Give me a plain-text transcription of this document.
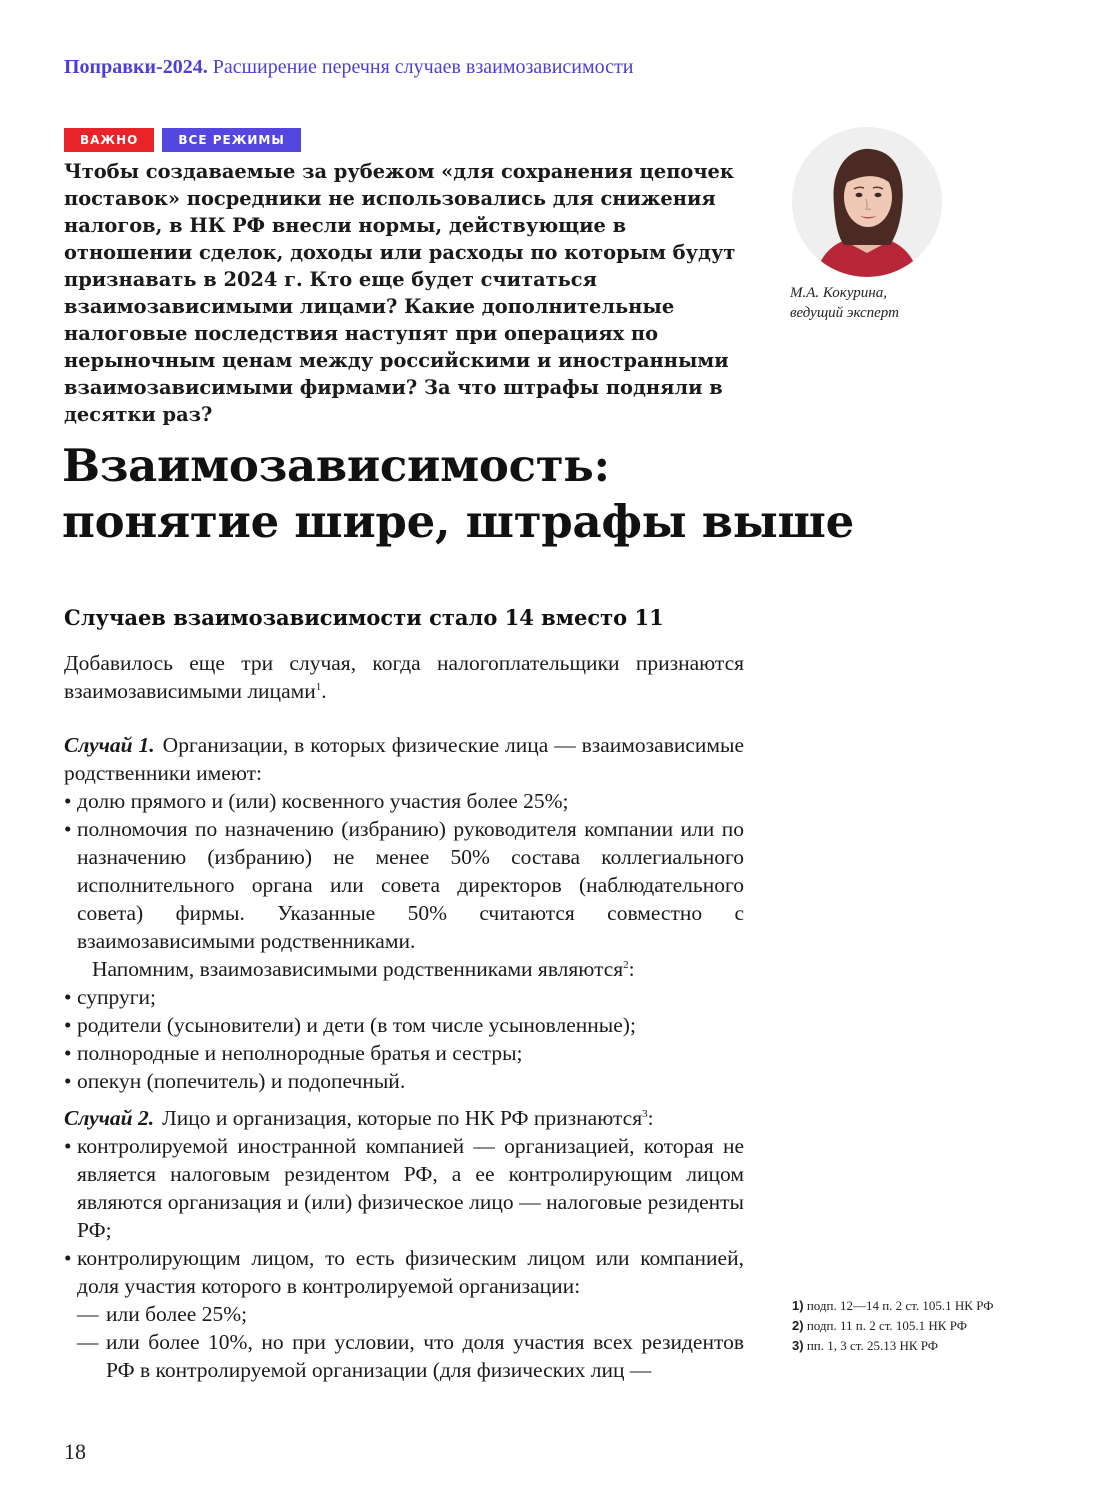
Поправки-2024. Расширение перечня случаев взаимозависимости
ВАЖНО	ВСЕ РЕЖИМЫ
Чтобы создаваемые за рубежом «для сохранения цепочек поставок» посредники не использовались для снижения налогов, в НК РФ внесли нормы, действующие в отношении сделок, доходы или расходы по которым будут признавать в 2024 г. Кто еще будет считаться взаимозависимыми лицами? Какие дополнительные налоговые последствия наступят при операциях по нерыночным ценам между российскими и иностранными взаимозависимыми фирмами? За что штрафы подняли в десятки раз?
М.А. Кокурина,
ведущий эксперт
Взаимозависимость:
понятие шире, штрафы выше
Случаев взаимозависимости стало 14 вместо 11

Добавилось еще три случая, когда налогоплательщики признаются взаимозависимыми лицами$^1$.

Случай 1. Организации, в которых физические лица — взаимозависимые родственники имеют:

• долю прямого и (или) косвенного участия более 25%;
• полномочия по назначению (избранию) руководителя компании или по назначению (избранию) не менее 50% состава коллегиального исполнительного органа или совета директоров (наблюдательного совета) фирмы. Указанные 50% считаются совместно с взаимозависимыми родственниками.

Напомним, взаимозависимыми родственниками являются$^2$:

• супруги;
• родители (усыновители) и дети (в том числе усыновленные);
• полнородные и неполнородные братья и сестры;
• опекун (попечитель) и подопечный.

Случай 2. Лицо и организация, которые по НК РФ признаются$^3$:

• контролируемой иностранной компанией — организацией, которая не является налоговым резидентом РФ, а ее контролирующим лицом являются организация и (или) физическое лицо — налоговые резиденты РФ;
• контролирующим лицом, то есть физическим лицом или компанией, доля участия которого в контролируемой организации:
— или более 25%;
— или более 10%, но при условии, что доля участия всех резидентов РФ в контролируемой организации (для физических лиц —
1) подп. 12—14 п. 2 ст. 105.1 НК РФ
2) подп. 11 п. 2 ст. 105.1 НК РФ
3) пп. 1, 3 ст. 25.13 НК РФ
18
